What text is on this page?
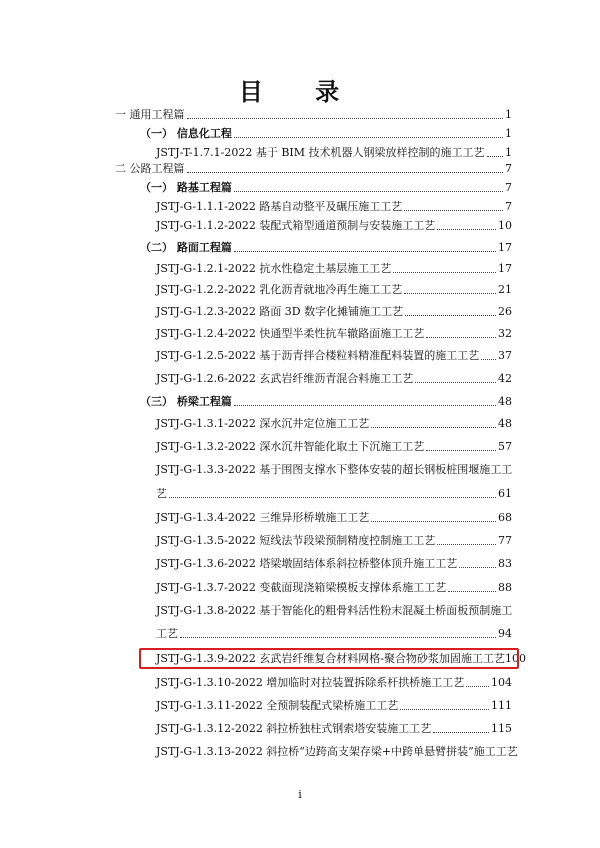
目 录
一 通用工程篇	1
（一） 信息化工程	1
JSTJ-T-1.7.1-2022 基于 BIM 技术机器人钢梁放样控制的施工工艺 1
二 公路工程篇	7
（一） 路基工程篇	7
JSTJ-G-1.1.1-2022 路基自动整平及碾压施工工艺	7
JSTJ-G-1.1.2-2022 装配式箱型通道预制与安装施工工艺	10
（二） 路面工程篇	17
JSTJ-G-1.2.1-2022 抗水性稳定土基层施工工艺	17
JSTJ-G-1.2.2-2022 乳化沥青就地冷再生施工工艺	21
JSTJ-G-1.2.3-2022 路面 3D 数字化摊铺施工工艺	26
JSTJ-G-1.2.4-2022 快通型半柔性抗车辙路面施工工艺	32
JSTJ-G-1.2.5-2022 基于沥青拌合楼粒料精准配料装置的施工工艺 37
JSTJ-G-1.2.6-2022 玄武岩纤维沥青混合料施工工艺	42
（三） 桥梁工程篇	48
JSTJ-G-1.3.1-2022 深水沉井定位施工工艺	48
JSTJ-G-1.3.2-2022 深水沉井智能化取土下沉施工工艺	57
JSTJ-G-1.3.3-2022 基于围图支撑水下整体安装的超长钢板桩围堰施工工
艺	61
JSTJ-G-1.3.4-2022 三维异形桥墩施工工艺	68
JSTJ-G-1.3.5-2022 短线法节段梁预制精度控制施工工艺	77
JSTJ-G-1.3.6-2022 塔梁墩固结体系斜拉桥整体顶升施工工艺	83
JSTJ-G-1.3.7-2022 变截面现浇箱梁模板支撑体系施工工艺	88
JSTJ-G-1.3.8-2022 基于智能化的粗骨料活性粉末混凝土桥面板预制施工
工艺	94
JSTJ-G-1.3.9-2022 玄武岩纤维复合材料网格-聚合物砂浆加固施工工艺 100
JSTJ-G-1.3.10-2022 增加临时对拉装置拆除系杆拱桥施工工艺 104
JSTJ-G-1.3.11-2022 全预制装配式梁桥施工工艺	111
JSTJ-G-1.3.12-2022 斜拉桥独柱式钢索塔安装施工工艺	115
JSTJ-G-1.3.13-2022 斜拉桥“边跨高支架存梁+中跨单悬臂拼装”施工工艺
i
